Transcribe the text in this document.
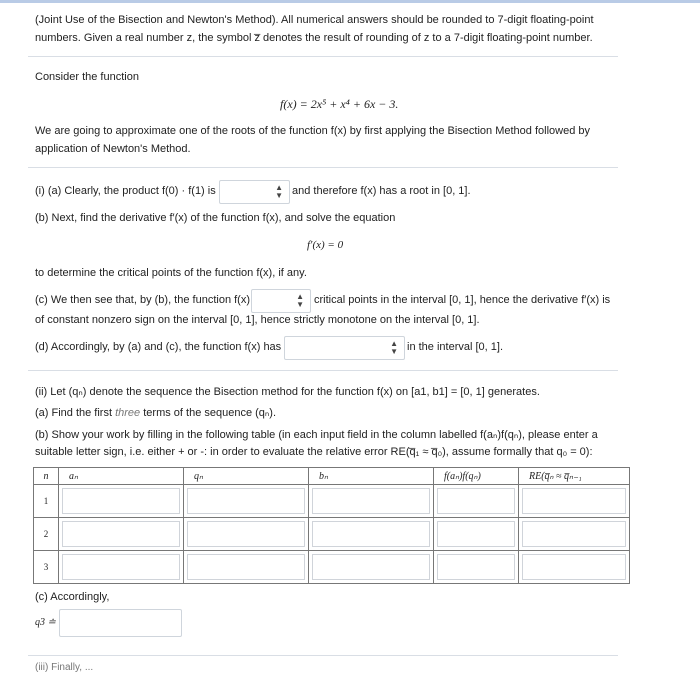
(Joint Use of the Bisection and Newton's Method). All numerical answers should be rounded to 7-digit floating-point
numbers. Given a real number z, the symbol z̅ denotes the result of rounding of z to a 7-digit floating-point number.
Consider the function
f(x) = 2x⁵ + x⁴ + 6x − 3.
We are going to approximate one of the roots of the function f(x) by first applying the Bisection Method followed by
application of Newton's Method.
(i) (a) Clearly, the product f(0) · f(1) is	▲
▼ and therefore f(x) has a root in [0, 1].
(b) Next, find the derivative f′(x) of the function f(x), and solve the equation
f′(x) = 0
to determine the critical points of the function f(x), if any.
(c) We then see that, by (b), the function f(x)	▲
▼ critical points in the interval [0, 1], hence the derivative f′(x) is
of constant nonzero sign on the interval [0, 1], hence strictly monotone on the interval [0, 1].
(d) Accordingly, by (a) and (c), the function f(x) has	▲
▼ in the interval [0, 1].
(ii) Let (qₙ) denote the sequence the Bisection method for the function f(x) on [a1, b1] = [0, 1] generates.
(a) Find the first three terms of the sequence (qₙ).
(b) Show your work by filling in the following table (in each input field in the column labelled f(aₙ)f(qₙ), please enter a
suitable letter sign, i.e. either + or -: in order to evaluate the relative error RE(q̅₁ ≈ q̅₀), assume formally that q₀ = 0):
n	aₙ	qₙ	bₙ	f(aₙ)f(qₙ)	RE(q̅ₙ ≈ q̅ₙ₋₁
1	

2	

3	

(c) Accordingly,
q3 ≐
(iii) Finally, ...
